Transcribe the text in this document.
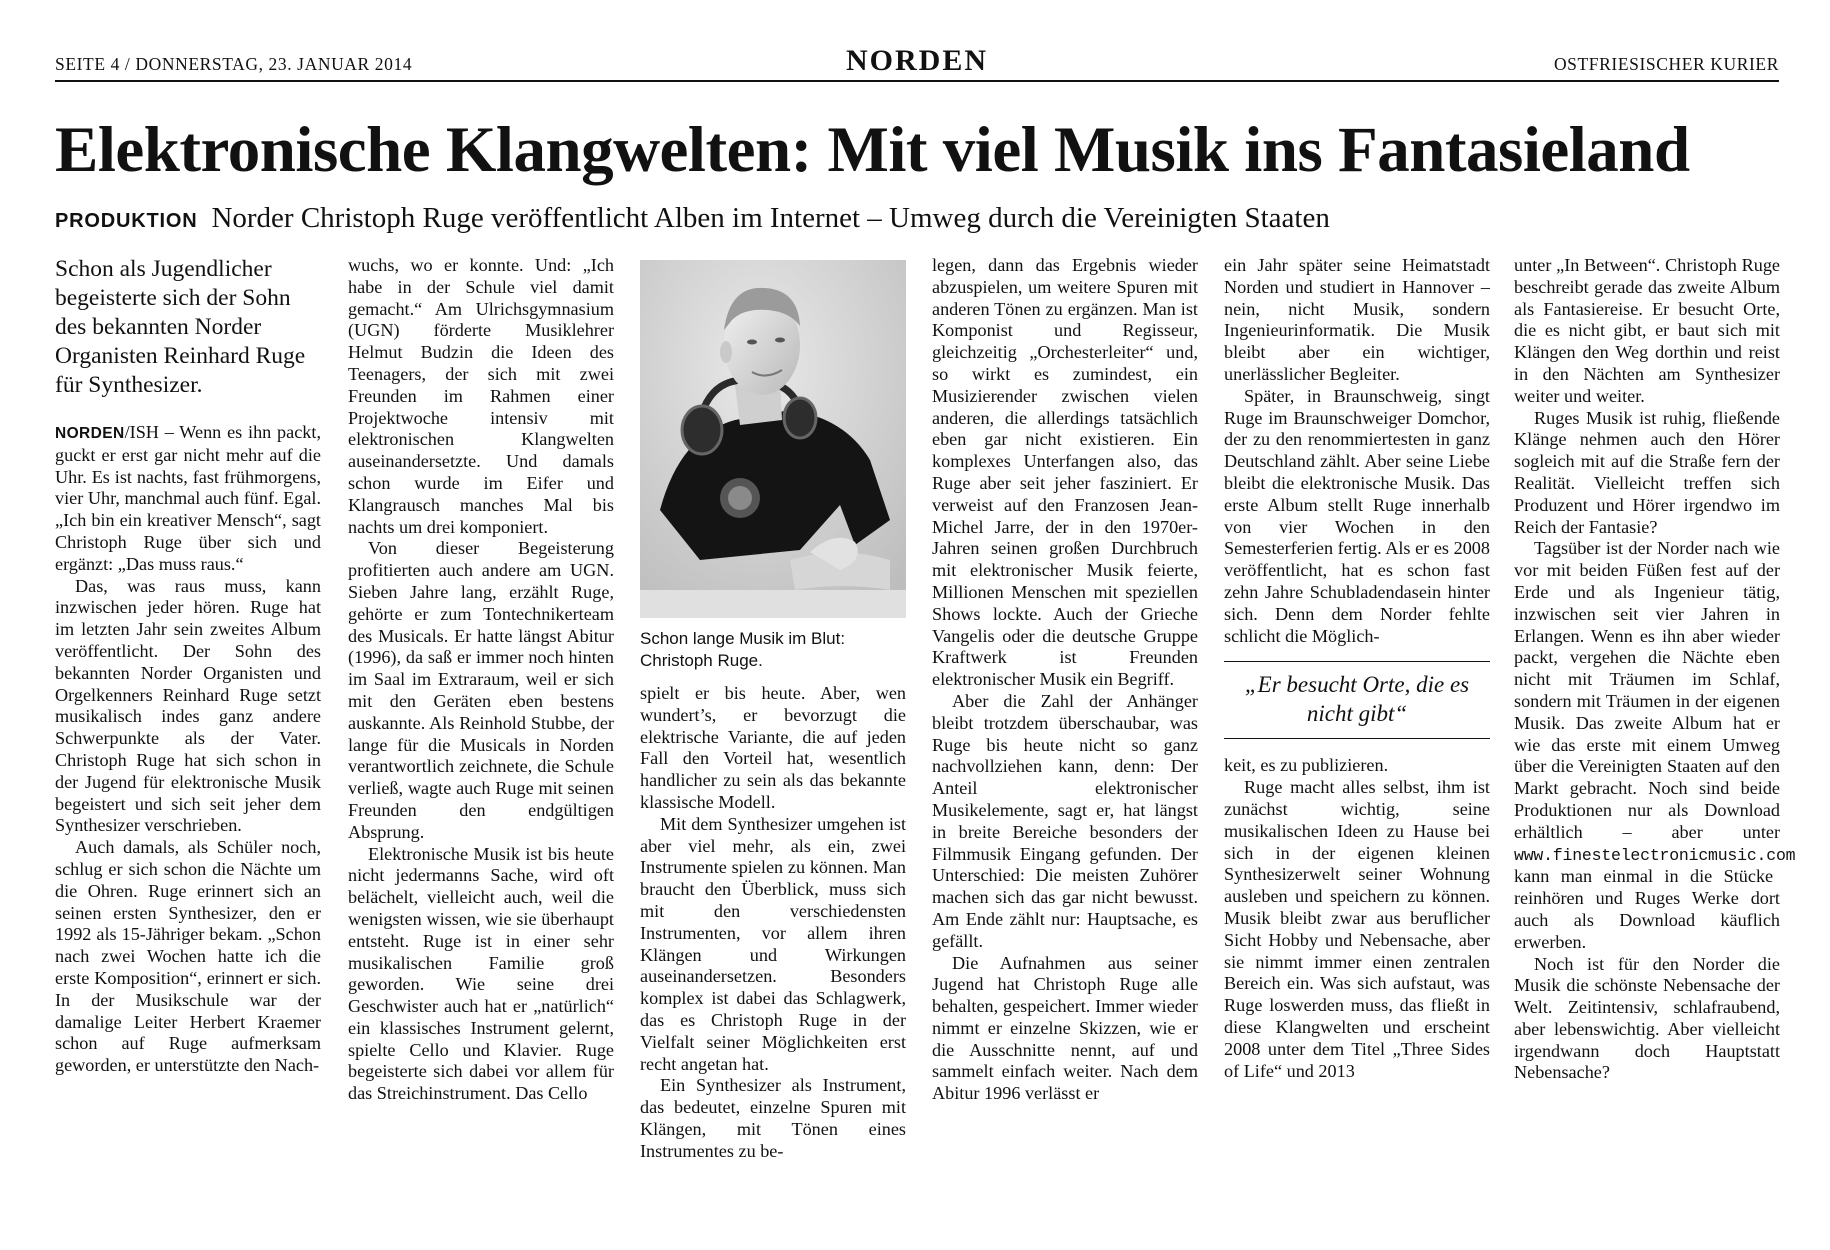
SEITE 4 / DONNERSTAG, 23. JANUAR 2014	NORDEN	OSTFRIESISCHER KURIER
Elektronische Klangwelten: Mit viel Musik ins Fantasieland
PRODUKTION Norder Christoph Ruge veröffentlicht Alben im Internet – Umweg durch die Vereinigten Staaten
Schon als Jugendlicher begeisterte sich der Sohn des bekannten Norder Organisten Reinhard Ruge für Synthesizer.

NORDEN/ISH – Wenn es ihn packt, guckt er erst gar nicht mehr auf die Uhr. Es ist nachts, fast frühmorgens, vier Uhr, manchmal auch fünf. Egal. „Ich bin ein kreativer Mensch“, sagt Christoph Ruge über sich und ergänzt: „Das muss raus.“

Das, was raus muss, kann inzwischen jeder hören. Ruge hat im letzten Jahr sein zweites Album veröffentlicht. Der Sohn des bekannten Norder Organisten und Orgelkenners Reinhard Ruge setzt musikalisch indes ganz andere Schwerpunkte als der Vater. Christoph Ruge hat sich schon in der Jugend für elektronische Musik begeistert und sich seit jeher dem Synthesizer verschrieben.

Auch damals, als Schüler noch, schlug er sich schon die Nächte um die Ohren. Ruge erinnert sich an seinen ersten Synthesizer, den er 1992 als 15-Jähriger bekam. „Schon nach zwei Wochen hatte ich die erste Komposition“, erinnert er sich. In der Musikschule war der damalige Leiter Herbert Kraemer schon auf Ruge aufmerksam geworden, er unterstützte den Nach-

wuchs, wo er konnte. Und: „Ich habe in der Schule viel damit gemacht.“ Am Ulrichsgymnasium (UGN) förderte Musiklehrer Helmut Budzin die Ideen des Teenagers, der sich mit zwei Freunden im Rahmen einer Projektwoche intensiv mit elektronischen Klangwelten auseinandersetzte. Und damals schon wurde im Eifer und Klangrausch manches Mal bis nachts um drei komponiert.

Von dieser Begeisterung profitierten auch andere am UGN. Sieben Jahre lang, erzählt Ruge, gehörte er zum Tontechnikerteam des Musicals. Er hatte längst Abitur (1996), da saß er immer noch hinten im Saal im Extraraum, weil er sich mit den Geräten eben bestens auskannte. Als Reinhold Stubbe, der lange für die Musicals in Norden verantwortlich zeichnete, die Schule verließ, wagte auch Ruge mit seinen Freunden den endgültigen Absprung.

Elektronische Musik ist bis heute nicht jedermanns Sache, wird oft belächelt, vielleicht auch, weil die wenigsten wissen, wie sie überhaupt entsteht. Ruge ist in einer sehr musikalischen Familie groß geworden. Wie seine drei Geschwister auch hat er „natürlich“ ein klassisches Instrument gelernt, spielte Cello und Klavier. Ruge begeisterte sich dabei vor allem für das Streichinstrument. Das Cello

Schon lange Musik im Blut: Christoph Ruge.

spielt er bis heute. Aber, wen wundert’s, er bevorzugt die elektrische Variante, die auf jeden Fall den Vorteil hat, wesentlich handlicher zu sein als das bekannte klassische Modell.

Mit dem Synthesizer umgehen ist aber viel mehr, als ein, zwei Instrumente spielen zu können. Man braucht den Überblick, muss sich mit den verschiedensten Instrumenten, vor allem ihren Klängen und Wirkungen auseinandersetzen. Besonders komplex ist dabei das Schlagwerk, das es Christoph Ruge in der Vielfalt seiner Möglichkeiten erst recht angetan hat.

Ein Synthesizer als Instrument, das bedeutet, einzelne Spuren mit Klängen, mit Tönen eines Instrumentes zu be-

legen, dann das Ergebnis wieder abzuspielen, um weitere Spuren mit anderen Tönen zu ergänzen. Man ist Komponist und Regisseur, gleichzeitig „Orchesterleiter“ und, so wirkt es zumindest, ein Musizierender zwischen vielen anderen, die allerdings tatsächlich eben gar nicht existieren. Ein komplexes Unterfangen also, das Ruge aber seit jeher fasziniert. Er verweist auf den Franzosen Jean-Michel Jarre, der in den 1970er-Jahren seinen großen Durchbruch mit elektronischer Musik feierte, Millionen Menschen mit speziellen Shows lockte. Auch der Grieche Vangelis oder die deutsche Gruppe Kraftwerk ist Freunden elektronischer Musik ein Begriff.

Aber die Zahl der Anhänger bleibt trotzdem überschaubar, was Ruge bis heute nicht so ganz nachvollziehen kann, denn: Der Anteil elektronischer Musikelemente, sagt er, hat längst in breite Bereiche besonders der Filmmusik Eingang gefunden. Der Unterschied: Die meisten Zuhörer machen sich das gar nicht bewusst. Am Ende zählt nur: Hauptsache, es gefällt.

Die Aufnahmen aus seiner Jugend hat Christoph Ruge alle behalten, gespeichert. Immer wieder nimmt er einzelne Skizzen, wie er die Ausschnitte nennt, auf und sammelt einfach weiter. Nach dem Abitur 1996 verlässt er

ein Jahr später seine Heimatstadt Norden und studiert in Hannover – nein, nicht Musik, sondern Ingenieurinformatik. Die Musik bleibt aber ein wichtiger, unerlässlicher Begleiter.

Später, in Braunschweig, singt Ruge im Braunschweiger Domchor, der zu den renommiertesten in ganz Deutschland zählt. Aber seine Liebe bleibt die elektronische Musik. Das erste Album stellt Ruge innerhalb von vier Wochen in den Semesterferien fertig. Als er es 2008 veröffentlicht, hat es schon fast zehn Jahre Schubladendasein hinter sich. Denn dem Norder fehlte schlicht die Möglich-

„Er besucht Orte, die es nicht gibt“

keit, es zu publizieren.

Ruge macht alles selbst, ihm ist zunächst wichtig, seine musikalischen Ideen zu Hause bei sich in der eigenen kleinen Synthesizerwelt seiner Wohnung ausleben und speichern zu können. Musik bleibt zwar aus beruflicher Sicht Hobby und Nebensache, aber sie nimmt immer einen zentralen Bereich ein. Was sich aufstaut, was Ruge loswerden muss, das fließt in diese Klangwelten und erscheint 2008 unter dem Titel „Three Sides of Life“ und 2013

unter „In Between“. Christoph Ruge beschreibt gerade das zweite Album als Fantasiereise. Er besucht Orte, die es nicht gibt, er baut sich mit Klängen den Weg dorthin und reist in den Nächten am Synthesizer weiter und weiter.

Ruges Musik ist ruhig, fließende Klänge nehmen auch den Hörer sogleich mit auf die Straße fern der Realität. Vielleicht treffen sich Produzent und Hörer irgendwo im Reich der Fantasie?

Tagsüber ist der Norder nach wie vor mit beiden Füßen fest auf der Erde und als Ingenieur tätig, inzwischen seit vier Jahren in Erlangen. Wenn es ihn aber wieder packt, vergehen die Nächte eben nicht mit Träumen im Schlaf, sondern mit Träumen in der eigenen Musik. Das zweite Album hat er wie das erste mit einem Umweg über die Vereinigten Staaten auf den Markt gebracht. Noch sind beide Produktionen nur als Download erhältlich – aber unter www.finestelectronicmusic.com kann man einmal in die Stücke reinhören und Ruges Werke dort auch als Download käuflich erwerben.

Noch ist für den Norder die Musik die schönste Nebensache der Welt. Zeitintensiv, schlafraubend, aber lebenswichtig. Aber vielleicht irgendwann doch Hauptstatt Nebensache?
